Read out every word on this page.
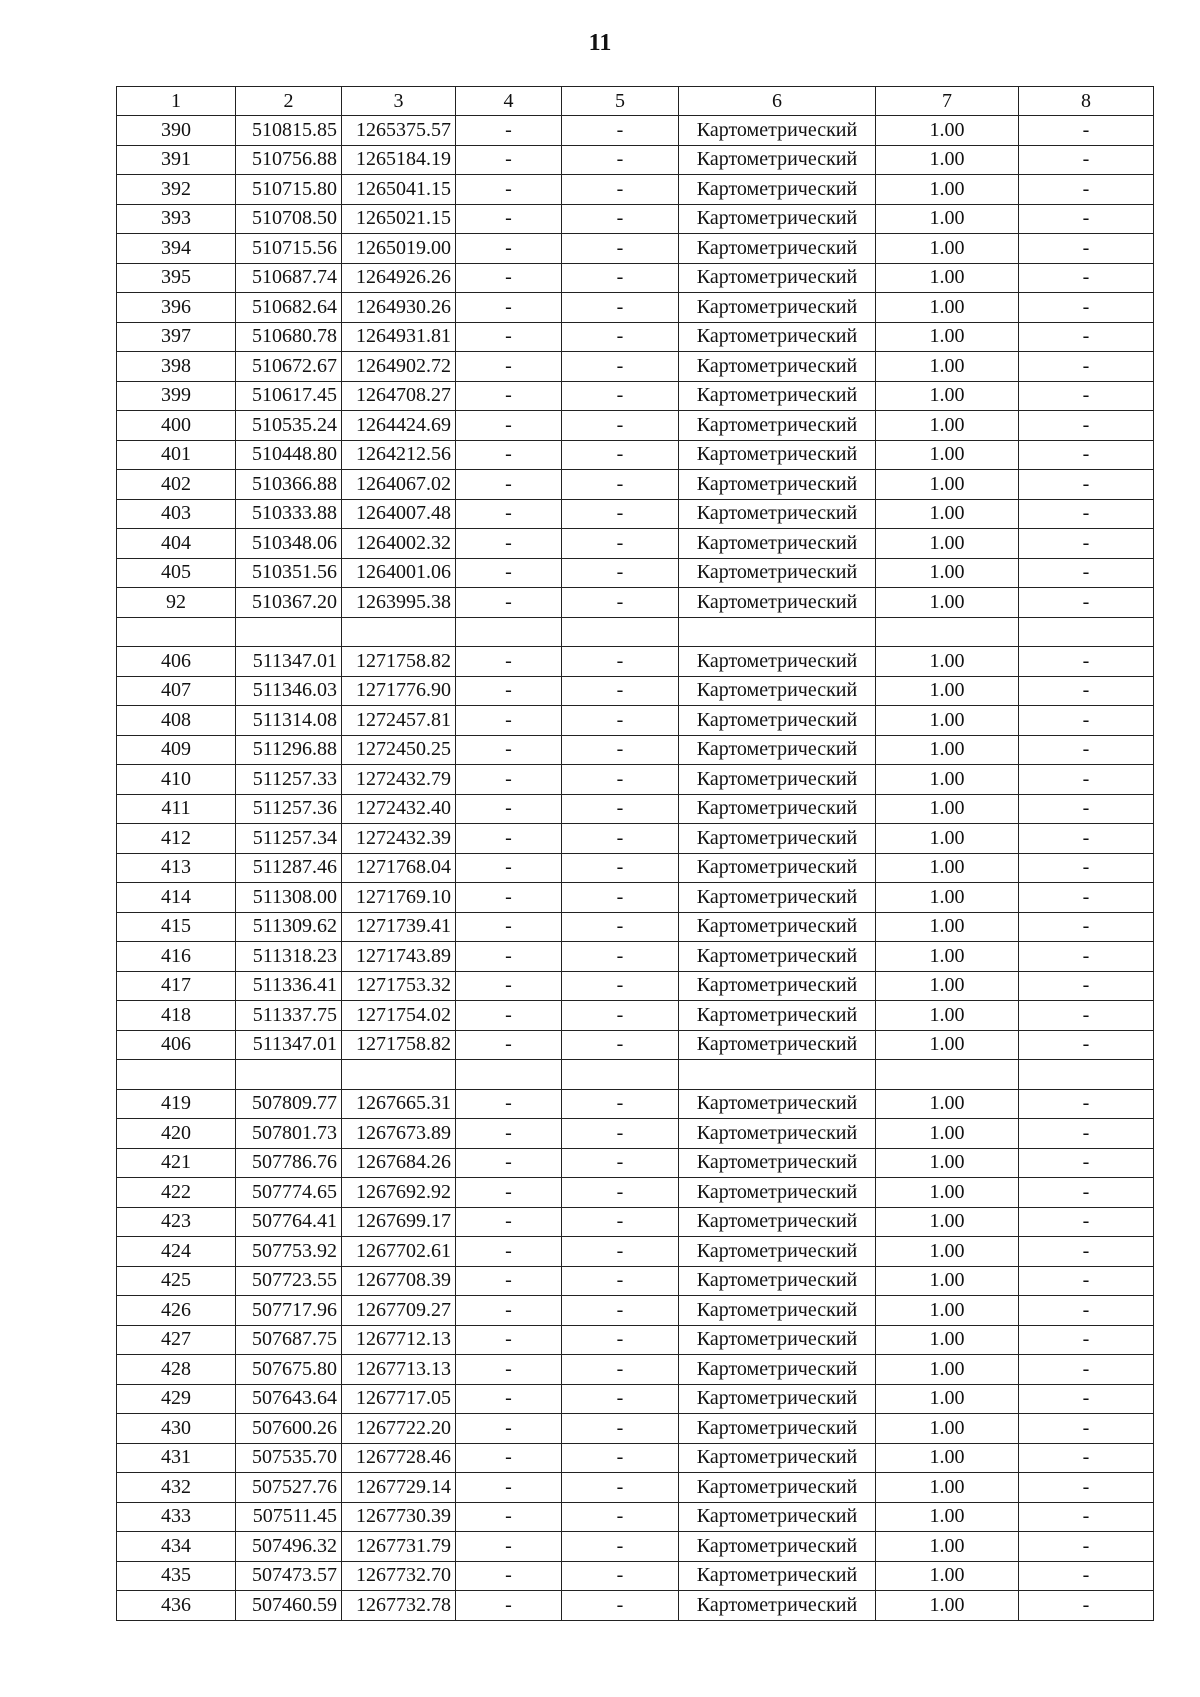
11
1	2	3	4	5	6	7	8
390	510815.85	1265375.57	-	-	Картометрический	1.00	-
391	510756.88	1265184.19	-	-	Картометрический	1.00	-
392	510715.80	1265041.15	-	-	Картометрический	1.00	-
393	510708.50	1265021.15	-	-	Картометрический	1.00	-
394	510715.56	1265019.00	-	-	Картометрический	1.00	-
395	510687.74	1264926.26	-	-	Картометрический	1.00	-
396	510682.64	1264930.26	-	-	Картометрический	1.00	-
397	510680.78	1264931.81	-	-	Картометрический	1.00	-
398	510672.67	1264902.72	-	-	Картометрический	1.00	-
399	510617.45	1264708.27	-	-	Картометрический	1.00	-
400	510535.24	1264424.69	-	-	Картометрический	1.00	-
401	510448.80	1264212.56	-	-	Картометрический	1.00	-
402	510366.88	1264067.02	-	-	Картометрический	1.00	-
403	510333.88	1264007.48	-	-	Картометрический	1.00	-
404	510348.06	1264002.32	-	-	Картометрический	1.00	-
405	510351.56	1264001.06	-	-	Картометрический	1.00	-
92	510367.20	1263995.38	-	-	Картометрический	1.00	-

406	511347.01	1271758.82	-	-	Картометрический	1.00	-
407	511346.03	1271776.90	-	-	Картометрический	1.00	-
408	511314.08	1272457.81	-	-	Картометрический	1.00	-
409	511296.88	1272450.25	-	-	Картометрический	1.00	-
410	511257.33	1272432.79	-	-	Картометрический	1.00	-
411	511257.36	1272432.40	-	-	Картометрический	1.00	-
412	511257.34	1272432.39	-	-	Картометрический	1.00	-
413	511287.46	1271768.04	-	-	Картометрический	1.00	-
414	511308.00	1271769.10	-	-	Картометрический	1.00	-
415	511309.62	1271739.41	-	-	Картометрический	1.00	-
416	511318.23	1271743.89	-	-	Картометрический	1.00	-
417	511336.41	1271753.32	-	-	Картометрический	1.00	-
418	511337.75	1271754.02	-	-	Картометрический	1.00	-
406	511347.01	1271758.82	-	-	Картометрический	1.00	-

419	507809.77	1267665.31	-	-	Картометрический	1.00	-
420	507801.73	1267673.89	-	-	Картометрический	1.00	-
421	507786.76	1267684.26	-	-	Картометрический	1.00	-
422	507774.65	1267692.92	-	-	Картометрический	1.00	-
423	507764.41	1267699.17	-	-	Картометрический	1.00	-
424	507753.92	1267702.61	-	-	Картометрический	1.00	-
425	507723.55	1267708.39	-	-	Картометрический	1.00	-
426	507717.96	1267709.27	-	-	Картометрический	1.00	-
427	507687.75	1267712.13	-	-	Картометрический	1.00	-
428	507675.80	1267713.13	-	-	Картометрический	1.00	-
429	507643.64	1267717.05	-	-	Картометрический	1.00	-
430	507600.26	1267722.20	-	-	Картометрический	1.00	-
431	507535.70	1267728.46	-	-	Картометрический	1.00	-
432	507527.76	1267729.14	-	-	Картометрический	1.00	-
433	507511.45	1267730.39	-	-	Картометрический	1.00	-
434	507496.32	1267731.79	-	-	Картометрический	1.00	-
435	507473.57	1267732.70	-	-	Картометрический	1.00	-
436	507460.59	1267732.78	-	-	Картометрический	1.00	-
